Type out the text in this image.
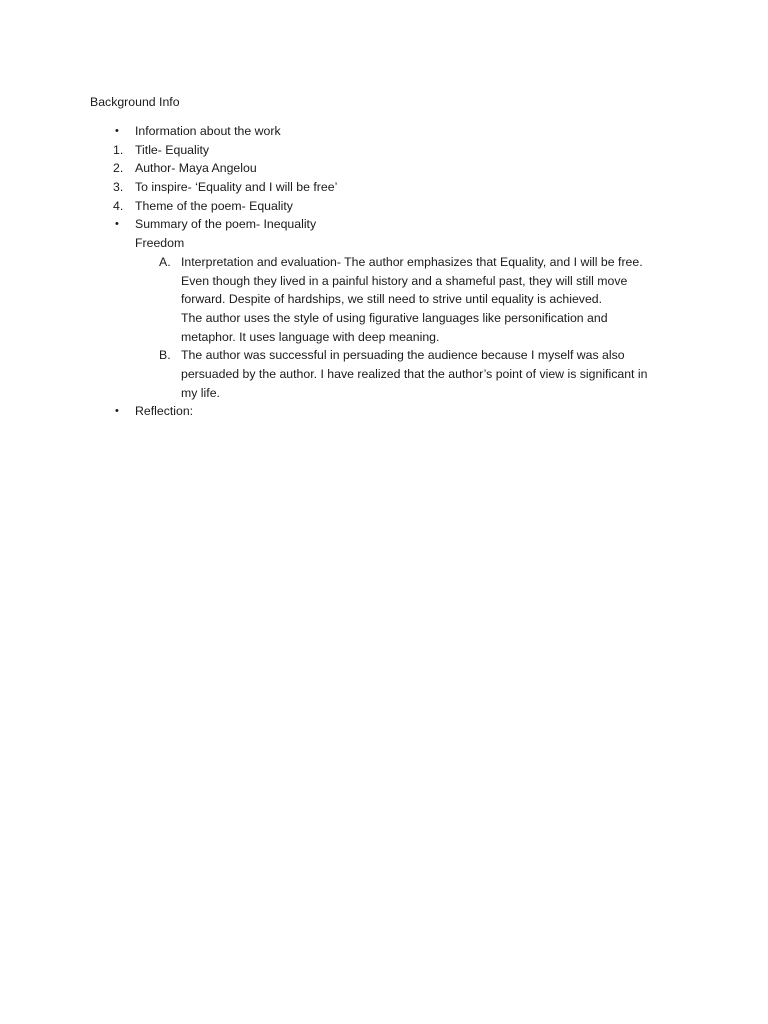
Background Info
• Information about the work
1. Title- Equality
2. Author- Maya Angelou
3. To inspire- ‘Equality and I will be free’
4. Theme of the poem- Equality
• Summary of the poem- Inequality
Freedom
A. Interpretation and evaluation- The author emphasizes that Equality, and I will be free.
Even though they lived in a painful history and a shameful past, they will still move
forward. Despite of hardships, we still need to strive until equality is achieved.
The author uses the style of using figurative languages like personification and
metaphor. It uses language with deep meaning.
B. The author was successful in persuading the audience because I myself was also
persuaded by the author. I have realized that the author’s point of view is significant in
my life.
• Reflection:
